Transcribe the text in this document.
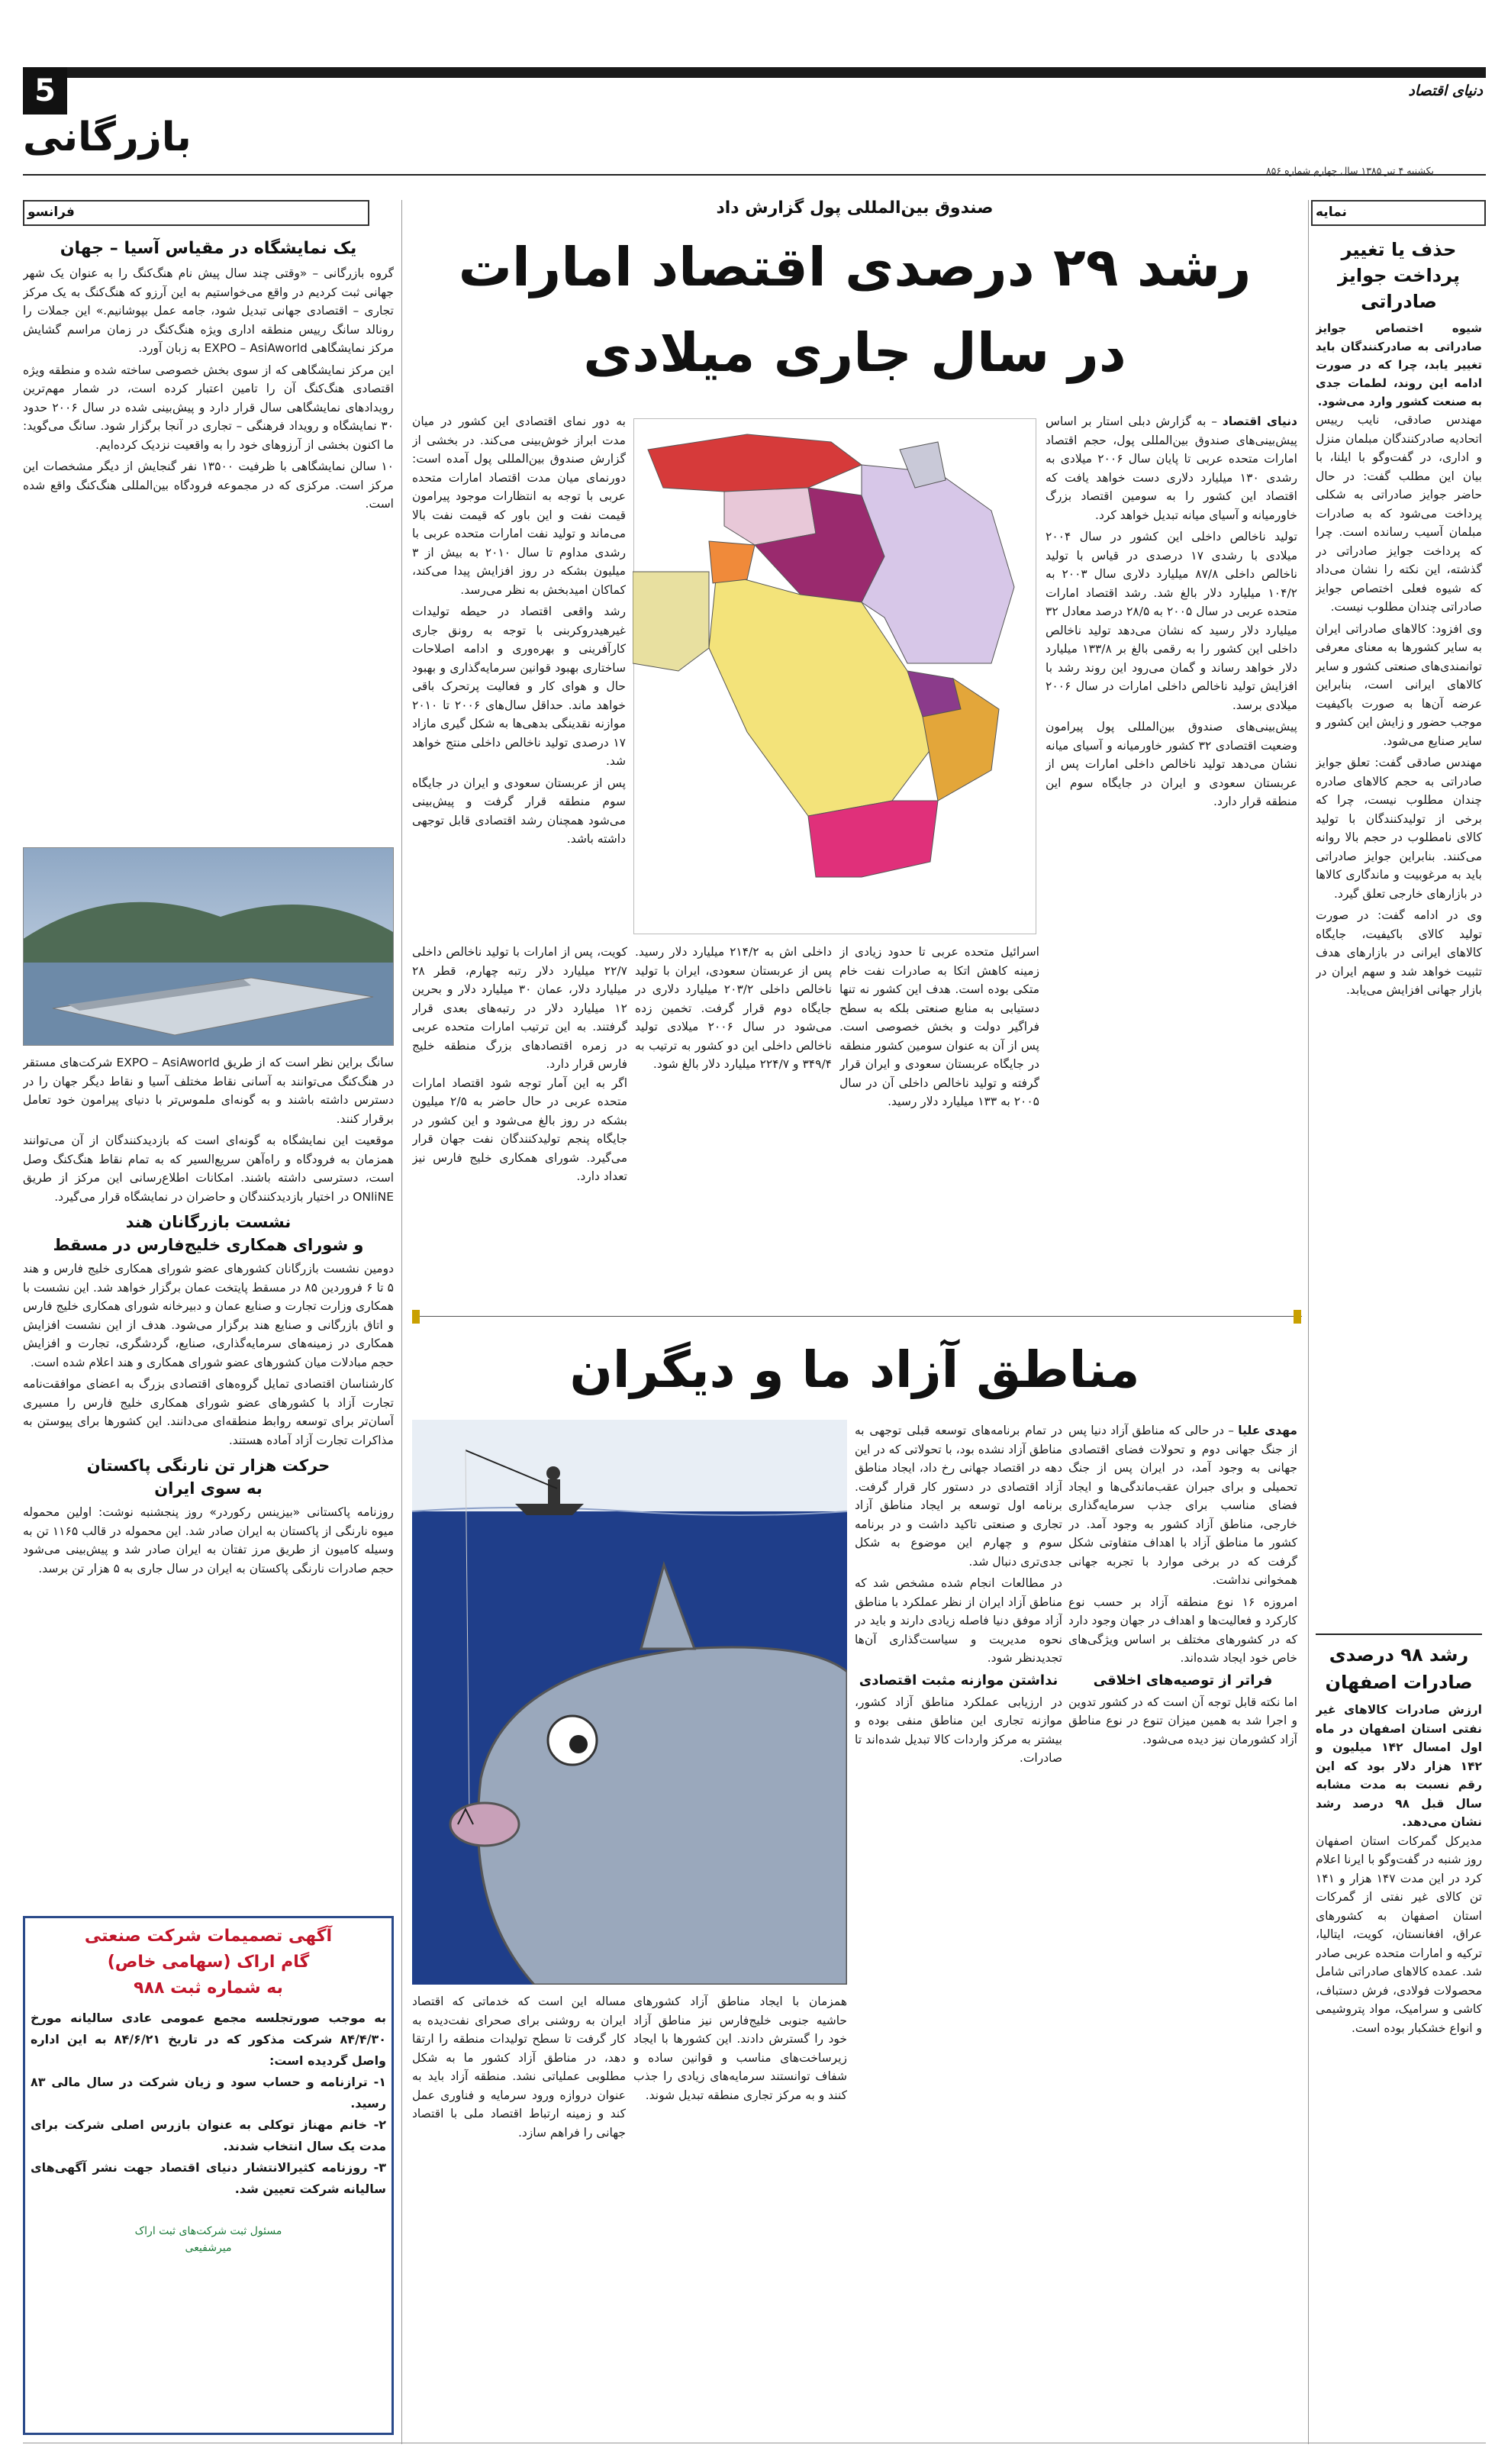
5	دنیای اقتصاد
بازرگانی
یکشنبه ۴ تیر ۱۳۸۵ سال چهارم شماره ۸۵۶
فرانسو	نمایه
حذف یا تغییر
پرداخت جوایز صادراتی
شیوه اختصاص جوایز صادراتی به صادرکنندگان باید تغییر یابد، چرا که در صورت ادامه این روند، لطمات جدی به صنعت کشور وارد می‌شود.
مهندس صادقی، نایب رییس اتحادیه صادرکنندگان مبلمان منزل و اداری، در گفت‌وگو با ایلنا، با بیان این مطلب گفت: در حال حاضر جوایز صادراتی به شکلی پرداخت می‌شود که به صادرات مبلمان آسیب رسانده است. چرا که پرداخت جوایز صادراتی در گذشته، این نکته را نشان می‌داد که شیوه فعلی اختصاص جوایز صادراتی چندان مطلوب نیست.
وی افزود: کالاهای صادراتی ایران به سایر کشورها به معنای معرفی توانمندی‌های صنعتی کشور و سایر کالاهای ایرانی است، بنابراین عرضه آن‌ها به صورت باکیفیت موجب حضور و زایش این کشور و سایر صنایع می‌شود.
مهندس صادقی گفت: تعلق جوایز صادراتی به حجم کالاهای صادره چندان مطلوب نیست، چرا که برخی از تولیدکنندگان با تولید کالای نامطلوب در حجم بالا روانه می‌کنند. بنابراین جوایز صادراتی باید به مرغوبیت و ماندگاری کالاها در بازارهای خارجی تعلق گیرد.
وی در ادامه گفت: در صورت تولید کالای باکیفیت، جایگاه کالاهای ایرانی در بازارهای هدف تثبیت خواهد شد و سهم ایران در بازار جهانی افزایش می‌یابد.
رشد ۹۸ درصدی
صادرات اصفهان
ارزش صادرات کالاهای غیر نفتی استان اصفهان در ماه اول امسال ۱۴۲ میلیون و ۱۴۲ هزار دلار بود که این رقم نسبت به مدت مشابه سال قبل ۹۸ درصد رشد نشان می‌دهد.
مدیرکل گمرکات استان اصفهان روز شنبه در گفت‌وگو با ایرنا اعلام کرد در این مدت ۱۴۷ هزار و ۱۴۱ تن کالای غیر نفتی از گمرکات استان اصفهان به کشورهای عراق، افغانستان، کویت، ایتالیا، ترکیه و امارات متحده عربی صادر شد. عمده کالاهای صادراتی شامل محصولات فولادی، فرش دستباف، کاشی و سرامیک، مواد پتروشیمی و انواع خشکبار بوده است.
صندوق بین‌المللی پول گزارش داد
رشد ۲۹ درصدی اقتصاد امارات
در سال جاری میلادی
دنیای اقتصاد – به گزارش دبلی استار بر اساس پیش‌بینی‌های صندوق بین‌المللی پول، حجم اقتصاد امارات متحده عربی تا پایان سال ۲۰۰۶ میلادی به رشدی ۱۳۰ میلیارد دلاری دست خواهد یافت که اقتصاد این کشور را به سومین اقتصاد بزرگ خاورمیانه و آسیای میانه تبدیل خواهد کرد.
تولید ناخالص داخلی این کشور در سال ۲۰۰۴ میلادی با رشدی ۱۷ درصدی در قیاس با تولید ناخالص داخلی ۸۷/۸ میلیارد دلاری سال ۲۰۰۳ به ۱۰۴/۲ میلیارد دلار بالغ شد. رشد اقتصاد امارات متحده عربی در سال ۲۰۰۵ به ۲۸/۵ درصد معادل ۳۲ میلیارد دلار رسید که نشان می‌دهد تولید ناخالص داخلی این کشور را به رقمی بالغ بر ۱۳۳/۸ میلیارد دلار خواهد رساند و گمان می‌رود این روند رشد با افزایش تولید ناخالص داخلی امارات در سال ۲۰۰۶ میلادی برسد.
پیش‌بینی‌های صندوق بین‌المللی پول پیرامون وضعیت اقتصادی ۳۲ کشور خاورمیانه و آسیای میانه نشان می‌دهد تولید ناخالص داخلی امارات پس از عربستان سعودی و ایران در جایگاه سوم این منطقه قرار دارد.
به دور نمای اقتصادی این کشور در میان مدت ابراز خوش‌بینی می‌کند. در بخشی از گزارش صندوق بین‌المللی پول آمده است: دورنمای میان مدت اقتصاد امارات متحده عربی با توجه به انتظارات موجود پیرامون قیمت نفت و این باور که قیمت نفت بالا می‌ماند و تولید نفت امارات متحده عربی با رشدی مداوم تا سال ۲۰۱۰ به بیش از ۳ میلیون بشکه در روز افزایش پیدا می‌کند، کماکان امیدبخش به نظر می‌رسد.
رشد واقعی اقتصاد در حیطه تولیدات غیرهیدروکربنی با توجه به رونق جاری کارآفرینی و بهره‌وری و ادامه اصلاحات ساختاری بهبود قوانین سرمایه‌گذاری و بهبود حال و هوای کار و فعالیت پرتحرک باقی خواهد ماند. حداقل سال‌های ۲۰۰۶ تا ۲۰۱۰ موازنه نقدینگی بدهی‌ها به شکل گیری مازاد ۱۷ درصدی تولید ناخالص داخلی منتج خواهد شد.
پس از عربستان سعودی و ایران در جایگاه سوم منطقه قرار گرفت و پیش‌بینی می‌شود همچنان رشد اقتصادی قابل توجهی داشته باشد.
اسرائیل متحده عربی تا حدود زیادی از زمینه کاهش اتکا به صادرات نفت خام متکی بوده است. هدف این کشور نه تنها دستیابی به منابع صنعتی بلکه به سطح فراگیر دولت و بخش خصوصی است. پس از آن به عنوان سومین کشور منطقه در جایگاه عربستان سعودی و ایران قرار گرفته و تولید ناخالص داخلی آن در سال ۲۰۰۵ به ۱۳۳ میلیارد دلار رسید.
داخلی اش به ۲۱۴/۲ میلیارد دلار رسید. پس از عربستان سعودی، ایران با تولید ناخالص داخلی ۲۰۳/۲ میلیارد دلاری در جایگاه دوم قرار گرفت. تخمین زده می‌شود در سال ۲۰۰۶ میلادی تولید ناخالص داخلی این دو کشور به ترتیب به ۳۴۹/۴ و ۲۲۴/۷ میلیارد دلار بالغ شود.
کویت، پس از امارات با تولید ناخالص داخلی ۲۲/۷ میلیارد دلار رتبه چهارم، قطر ۲۸ میلیارد دلار، عمان ۳۰ میلیارد دلار و بحرین ۱۲ میلیارد دلار در رتبه‌های بعدی قرار گرفتند. به این ترتیب امارات متحده عربی در زمره اقتصادهای بزرگ منطقه خلیج فارس قرار دارد.
اگر به این آمار توجه شود اقتصاد امارات متحده عربی در حال حاضر به ۲/۵ میلیون بشکه در روز بالغ می‌شود و این کشور در جایگاه پنجم تولیدکنندگان نفت جهان قرار می‌گیرد. شورای همکاری خلیج فارس نیز تعداد دارد.
مناطق آزاد ما و دیگران
مهدی علیا – در حالی که مناطق آزاد دنیا پس از جنگ جهانی دوم و تحولات فضای اقتصادی جهانی به وجود آمد، در ایران پس از جنگ تحمیلی و برای جبران عقب‌ماندگی‌ها و ایجاد فضای مناسب برای جذب سرمایه‌گذاری خارجی، مناطق آزاد کشور به وجود آمد. در کشور ما مناطق آزاد با اهداف متفاوتی شکل گرفت که در برخی موارد با تجربه جهانی همخوانی نداشت.
امروزه ۱۶ نوع منطقه آزاد بر حسب نوع کارکرد و فعالیت‌ها و اهداف در جهان وجود دارد که در کشورهای مختلف بر اساس ویژگی‌های خاص خود ایجاد شده‌اند.
فراتر از توصیه‌های اخلاقی
اما نکته قابل توجه آن است که در کشور تدوین و اجرا شد به همین میزان تنوع در نوع مناطق آزاد کشورمان نیز دیده می‌شود.
در تمام برنامه‌های توسعه قبلی توجهی به مناطق آزاد نشده بود، با تحولاتی که در این دهه در اقتصاد جهانی رخ داد، ایجاد مناطق آزاد اقتصادی در دستور کار قرار گرفت. برنامه اول توسعه بر ایجاد مناطق آزاد تجاری و صنعتی تاکید داشت و در برنامه سوم و چهارم این موضوع به شکل جدی‌تری دنبال شد.
در مطالعات انجام شده مشخص شد که مناطق آزاد ایران از نظر عملکرد با مناطق آزاد موفق دنیا فاصله زیادی دارند و باید در نحوه مدیریت و سیاست‌گذاری آن‌ها تجدیدنظر شود.
نداشتن موازنه مثبت اقتصادی
در ارزیابی عملکرد مناطق آزاد کشور، موازنه تجاری این مناطق منفی بوده و بیشتر به مرکز واردات کالا تبدیل شده‌اند تا صادرات.
همزمان با ایجاد مناطق آزاد کشورهای حاشیه جنوبی خلیج‌فارس نیز مناطق آزاد خود را گسترش دادند. این کشورها با ایجاد زیرساخت‌های مناسب و قوانین ساده و شفاف توانستند سرمایه‌های زیادی را جذب کنند و به مرکز تجاری منطقه تبدیل شوند.
مساله این است که خدماتی که اقتصاد ایران به روشنی برای صحرای نفت‌دیده به کار گرفت تا سطح تولیدات منطقه را ارتقا دهد، در مناطق آزاد کشور ما به شکل مطلوبی عملیاتی نشد. منطقه آزاد باید به عنوان دروازه ورود سرمایه و فناوری عمل کند و زمینه ارتباط اقتصاد ملی با اقتصاد جهانی را فراهم سازد.
یک نمایشگاه در مقیاس آسیا – جهان
گروه بازرگانی – «وقتی چند سال پیش نام هنگ‌کنگ را به عنوان یک شهر جهانی ثبت کردیم در واقع می‌خواستیم به این آرزو که هنگ‌کنگ به یک مرکز تجاری – اقتصادی جهانی تبدیل شود، جامه عمل بپوشانیم.» این جملات را رونالد سانگ رییس منطقه اداری ویژه هنگ‌کنگ در زمان مراسم گشایش مرکز نمایشگاهی EXPO – AsiAworld به زبان آورد.
این مرکز نمایشگاهی که از سوی بخش خصوصی ساخته شده و منطقه ویژه اقتصادی هنگ‌کنگ آن را تامین اعتبار کرده است، در شمار مهم‌ترین رویدادهای نمایشگاهی سال قرار دارد و پیش‌بینی شده در سال ۲۰۰۶ حدود ۳۰ نمایشگاه و رویداد فرهنگی – تجاری در آنجا برگزار شود. سانگ می‌گوید: ما اکنون بخشی از آرزوهای خود را به واقعیت نزدیک کرده‌ایم.
۱۰ سالن نمایشگاهی با ظرفیت ۱۳۵۰۰ نفر گنجایش از دیگر مشخصات این مرکز است. مرکزی که در مجموعه فرودگاه بین‌المللی هنگ‌کنگ واقع شده است.
سانگ براین نظر است که از طریق EXPO – AsiAworld شرکت‌های مستقر در هنگ‌کنگ می‌توانند به آسانی نقاط مختلف آسیا و نقاط دیگر جهان را در دسترس داشته باشند و به گونه‌ای ملموس‌تر با دنیای پیرامون خود تعامل برقرار کنند.
موقعیت این نمایشگاه به گونه‌ای است که بازدیدکنندگان از آن می‌توانند همزمان به فرودگاه و راه‌آهن سریع‌السیر که به تمام نقاط هنگ‌کنگ وصل است، دسترسی داشته باشند. امکانات اطلاع‌رسانی این مرکز از طریق ONliNE در اختیار بازدیدکنندگان و حاضران در نمایشگاه قرار می‌گیرد.
نشست بازرگانان هند
و شورای همکاری خلیج‌فارس در مسقط
دومین نشست بازرگانان کشورهای عضو شورای همکاری خلیج فارس و هند ۵ تا ۶ فروردین ۸۵ در مسقط پایتخت عمان برگزار خواهد شد. این نشست با همکاری وزارت تجارت و صنایع عمان و دبیرخانه شورای همکاری خلیج فارس و اتاق بازرگانی و صنایع هند برگزار می‌شود. هدف از این نشست افزایش همکاری در زمینه‌های سرمایه‌گذاری، صنایع، گردشگری، تجارت و افزایش حجم مبادلات میان کشورهای عضو شورای همکاری و هند اعلام شده است.
کارشناسان اقتصادی تمایل گروه‌های اقتصادی بزرگ به اعضای موافقت‌نامه تجارت آزاد با کشورهای عضو شورای همکاری خلیج فارس را مسیری آسان‌تر برای توسعه روابط منطقه‌ای می‌دانند. این کشورها برای پیوستن به مذاکرات تجارت آزاد آماده هستند.
حرکت هزار تن نارنگی پاکستان
به سوی ایران
روزنامه پاکستانی «بیزینس رکوردر» روز پنجشنبه نوشت: اولین محموله میوه نارنگی از پاکستان به ایران صادر شد. این محموله در قالب ۱۱۶۵ تن به وسیله کامیون از طریق مرز تفتان به ایران صادر شد و پیش‌بینی می‌شود حجم صادرات نارنگی پاکستان به ایران در سال جاری به ۵ هزار تن برسد.
آگهی تصمیمات شرکت صنعتی
گام اراک (سهامی خاص)
به شماره ثبت ۹۸۸
به موجب صورتجلسه مجمع عمومی عادی سالیانه مورخ ۸۴/۴/۳۰ شرکت مذکور که در تاریخ ۸۴/۶/۲۱ به این اداره واصل گردیده است:
۱- ترازنامه و حساب سود و زیان شرکت در سال مالی ۸۳ رسید.
۲- خانم مهناز توکلی به عنوان بازرس اصلی شرکت برای مدت یک سال انتخاب شدند.
۳- روزنامه کثیرالانتشار دنیای اقتصاد جهت نشر آگهی‌های سالیانه شرکت تعیین شد.
مسئول ثبت شرکت‌های ثبت اراک
میرشفیعی
